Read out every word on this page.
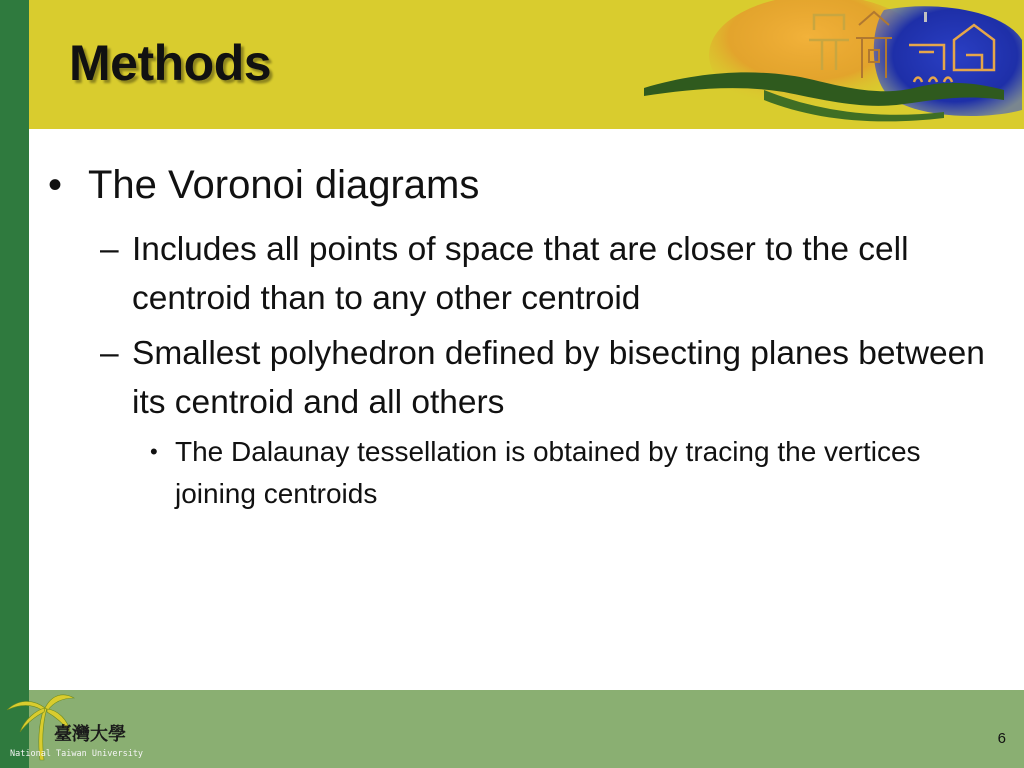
Methods
• The Voronoi diagrams
– Includes all points of space that are closer to the cell centroid than to any other centroid
– Smallest polyhedron defined by bisecting planes between its centroid and all others
• The Dalaunay tessellation is obtained by tracing the vertices joining centroids
臺灣大學
National Taiwan University
6
